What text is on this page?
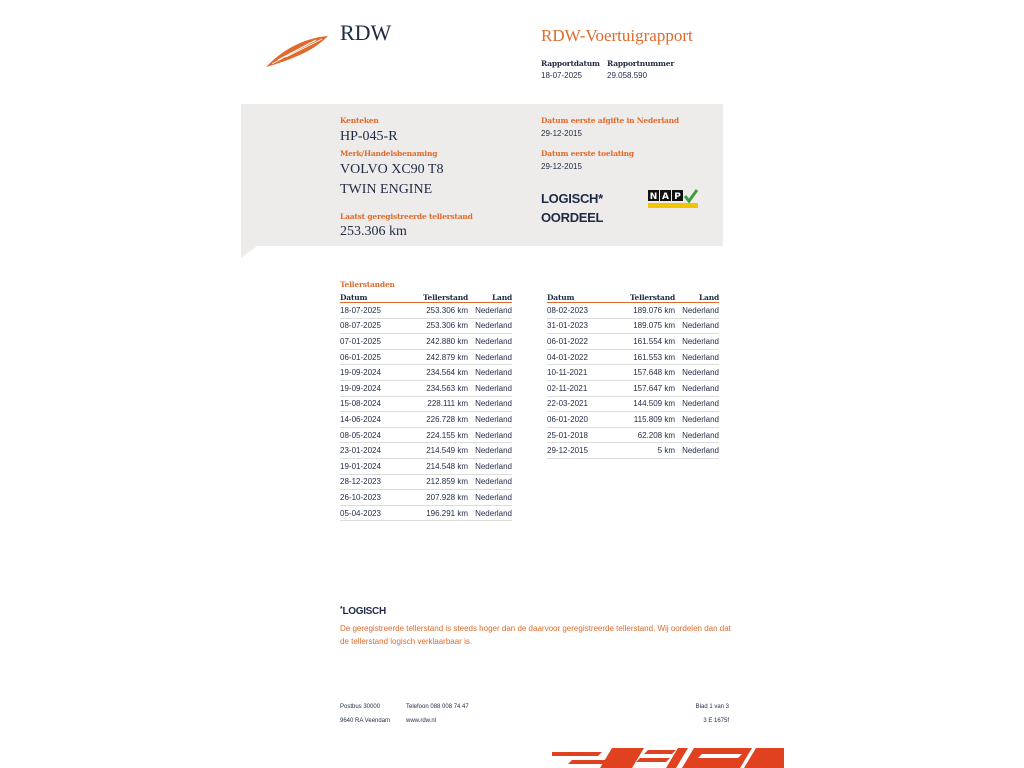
RDW	RDW-Voertuigrapport
Rapportdatum Rapportnummer
18-07-2025	29.058.590
Kenteken
HP-045-R
Merk/Handelsbenaming
VOLVO XC90 T8
TWIN ENGINE
Laatst geregistreerde tellerstand
253.306 km
Datum eerste afgifte in Nederland
29-12-2015
Datum eerste toelating
29-12-2015
LOGISCH*
OORDEEL
N A P
Tellerstanden
Datum	Tellerstand	Land
18-07-2025	253.306 km	Nederland
08-07-2025	253.306 km	Nederland
07-01-2025	242.880 km	Nederland
06-01-2025	242.879 km	Nederland
19-09-2024	234.564 km	Nederland
19-09-2024	234.563 km	Nederland
15-08-2024	228.111 km	Nederland
14-06-2024	226.728 km	Nederland
08-05-2024	224.155 km	Nederland
23-01-2024	214.549 km	Nederland
19-01-2024	214.548 km	Nederland
28-12-2023	212.859 km	Nederland
26-10-2023	207.928 km	Nederland
05-04-2023	196.291 km	Nederland
Datum	Tellerstand	Land
08-02-2023	189.076 km	Nederland
31-01-2023	189.075 km	Nederland
06-01-2022	161.554 km	Nederland
04-01-2022	161.553 km	Nederland
10-11-2021	157.648 km	Nederland
02-11-2021	157.647 km	Nederland
22-03-2021	144.509 km	Nederland
06-01-2020	115.809 km	Nederland
25-01-2018	62.208 km	Nederland
29-12-2015	5 km	Nederland
*LOGISCH
De geregistreerde tellerstand is steeds hoger dan de daarvoor geregistreerde tellerstand. Wij oordelen dan dat de tellerstand logisch verklaarbaar is.
Postbus 30000
9640 RA Veendam
Telefoon 088 008 74 47
www.rdw.nl
Blad 1 van 3
3 E 1675f
